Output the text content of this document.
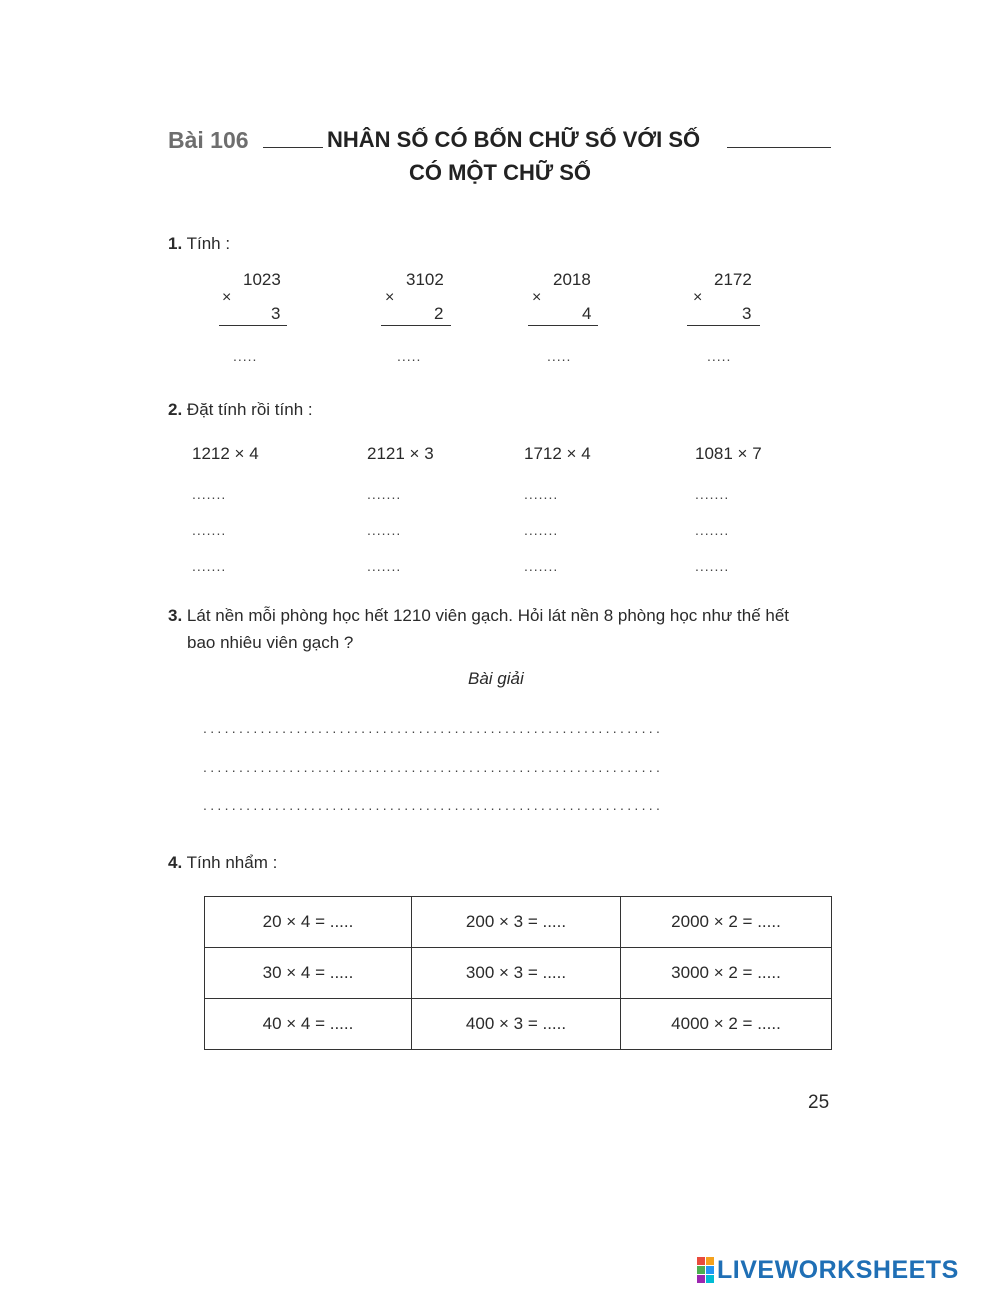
Bài 106	NHÂN SỐ CÓ BỐN CHỮ SỐ VỚI SỐ
CÓ MỘT CHỮ SỐ
1. Tính :
×
1023
3
.....
×
3102
2
.....
×
2018
4
.....
×
2172
3
.....
2. Đặt tính rồi tính :
1212 × 4	2121 × 3	1712 × 4	1081 × 7
.......	.......	.......	.......
.......	.......	.......	.......
.......	.......	.......	.......
3. Lát nền mỗi phòng học hết 1210 viên gạch. Hỏi lát nền 8 phòng học như thế hết
bao nhiêu viên gạch ?
Bài giải
................................................................
................................................................
................................................................
4. Tính nhẩm :
20 × 4 = .....	200 × 3 = .....	2000 × 2 = .....
30 × 4 = .....	300 × 3 = .....	3000 × 2 = .....
40 × 4 = .....	400 × 3 = .....	4000 × 2 = .....
25
LIVEWORKSHEETS
